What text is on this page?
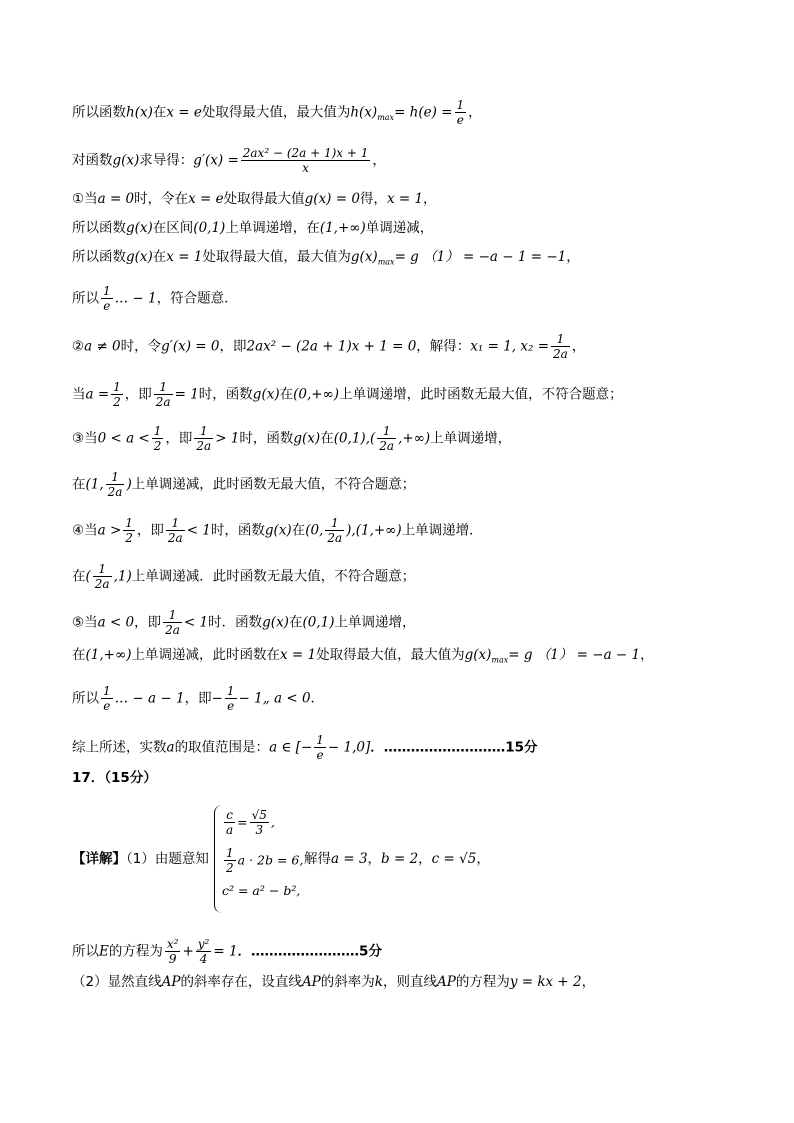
所以函数h(x)在x = e处取得最大值，最大值为$h(x)_{max}= h(e) = \frac{1}{e}$ ，
对函数g(x)求导得：$g'(x) = \frac{\text{2ax² − (2a + 1)x + 1}}{x}$ ，
①当a = 0时，令在x = e处取得最大值g(x) = 0得，x = 1，
所以函数g(x)在区间(0,1)上单调递增，在(1,+∞)单调递减，
所以函数g(x)在x = 1处取得最大值，最大值为$g(x)_{max}= g$ （1） = −a − 1 = −1，
所以 $\frac{1}{e}$ … − 1，符合题意．
②a ≠ 0时，令g′(x) = 0，即2ax² − (2a + 1)x + 1 = 0，解得：x₁ = 1, $x_2 = \frac{1}{2a}$ ，
当$a = \frac{1}{2}$ ，即 $\frac{1}{2a} = 1$时，函数g(x)在(0,+∞)上单调递增，此时函数无最大值，不符合题意；
③当$0 < a < \frac{1}{2}$ ，即 $\frac{1}{2a} > 1$时，函数g(x)在$(0,1),( \frac{1}{2a}$ ,+∞)上单调递增，
在(1, $\frac{1}{2a}$ )上单调递减，此时函数无最大值，不符合题意；
④当$a > \frac{1}{2}$ ，即 $\frac{1}{2a} < 1$时，函数g(x)在(0, $\frac{1}{2a} ),(1,+\infty)$上单调递增．
在( $\frac{1}{2a} ,1$)上单调递减．此时函数无最大值，不符合题意；
⑤当a < 0，即 $\frac{1}{2a} < 1$时．函数g(x)在(0,1)上单调递增，
在(1,+∞)上单调递减，此时函数在x = 1处取得最大值，最大值为$g(x)_{max}= g$ （1） = −a − 1，
所以 $\frac{1}{e}$ … − a − 1，即− $\frac{1}{e}$ − 1„ a < 0．
综上所述，实数a的取值范围是：a ∈ [− $\frac{1}{e} - 1,0$]．………………………15分
17．（15分）
$\frac{c}{a} = \frac{√5}{3}$ ,
$\frac{1}{2}$ a · 2b = 6,
c² = a² − b²,
【详解】（1）由题意知	解得a = 3，b = 2，c = √5，
所以E的方程为 $\frac{\text{x²}}{9} + \frac{\text{y²}}{4} = 1$．……………………5分
（2）显然直线AP的斜率存在，设直线AP的斜率为k，则直线AP的方程为y = kx + 2，
